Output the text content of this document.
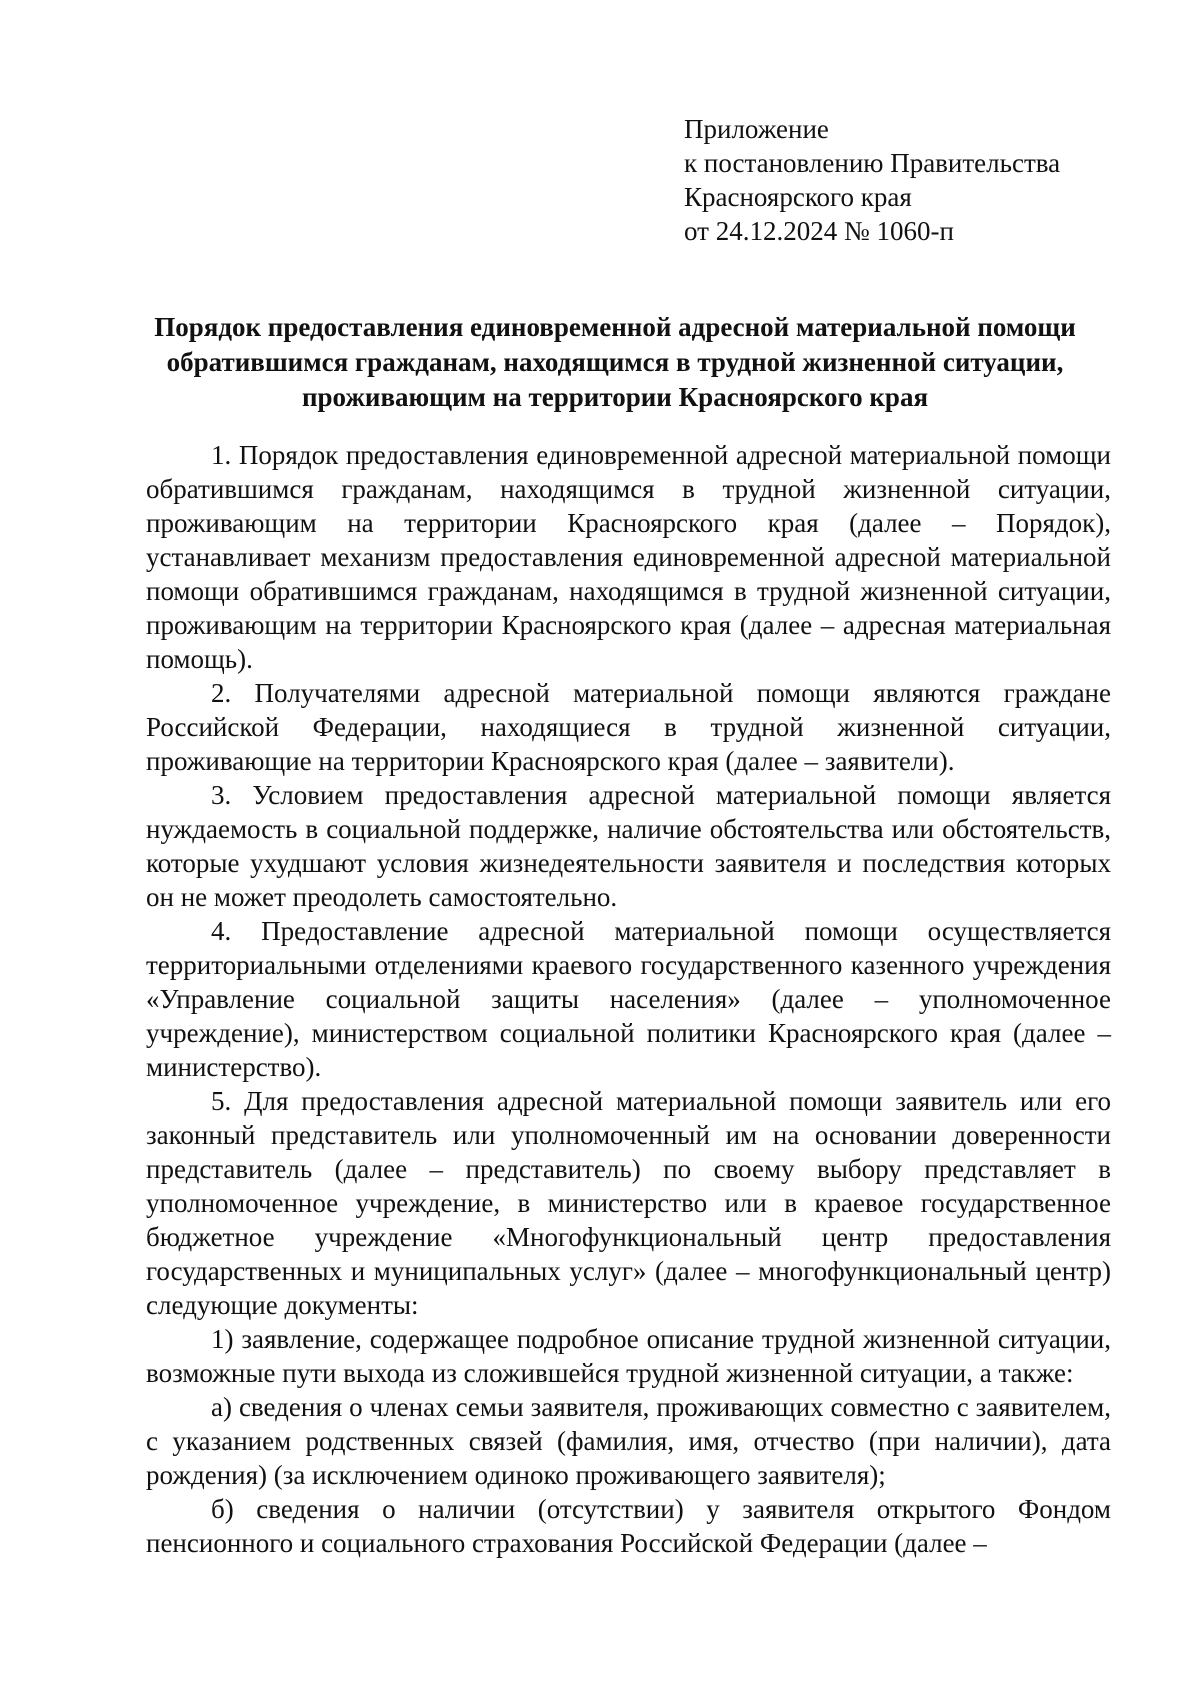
Приложение
к постановлению Правительства
Красноярского края
от 24.12.2024 № 1060-п
Порядок предоставления единовременной адресной материальной помощи
обратившимся гражданам, находящимся в трудной жизненной ситуации,
проживающим на территории Красноярского края

1. Порядок предоставления единовременной адресной материальной помощи обратившимся гражданам, находящимся в трудной жизненной ситуации, проживающим на территории Красноярского края (далее – Порядок), устанавливает механизм предоставления единовременной адресной материальной помощи обратившимся гражданам, находящимся в трудной жизненной ситуации, проживающим на территории Красноярского края (далее – адресная материальная помощь).

2. Получателями адресной материальной помощи являются граждане Российской Федерации, находящиеся в трудной жизненной ситуации, проживающие на территории Красноярского края (далее – заявители).

3. Условием предоставления адресной материальной помощи является нуждаемость в социальной поддержке, наличие обстоятельства или обстоятельств, которые ухудшают условия жизнедеятельности заявителя и последствия которых он не может преодолеть самостоятельно.

4. Предоставление адресной материальной помощи осуществляется территориальными отделениями краевого государственного казенного учреждения «Управление социальной защиты населения» (далее – уполномоченное учреждение), министерством социальной политики Красноярского края (далее – министерство).

5. Для предоставления адресной материальной помощи заявитель или его законный представитель или уполномоченный им на основании доверенности представитель (далее – представитель) по своему выбору представляет в уполномоченное учреждение, в министерство или в краевое государственное бюджетное учреждение «Многофункциональный центр предоставления государственных и муниципальных услуг» (далее – многофункциональный центр) следующие документы:

1) заявление, содержащее подробное описание трудной жизненной ситуации, возможные пути выхода из сложившейся трудной жизненной ситуации, а также:

а) сведения о членах семьи заявителя, проживающих совместно с заявителем, с указанием родственных связей (фамилия, имя, отчество (при наличии), дата рождения) (за исключением одиноко проживающего заявителя);

б) сведения о наличии (отсутствии) у заявителя открытого Фондом пенсионного и социального страхования Российской Федерации (далее –
